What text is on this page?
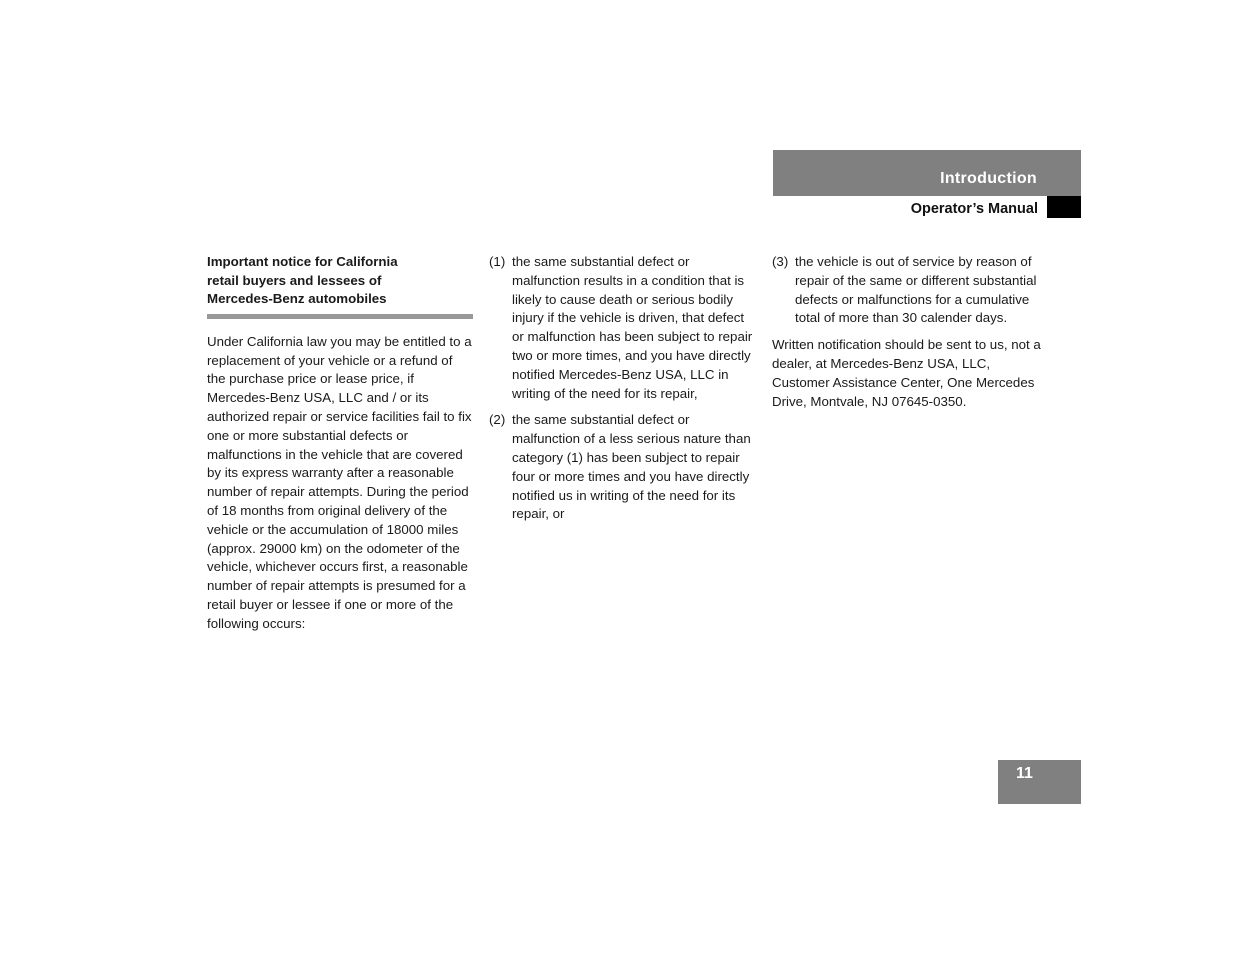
Introduction
Operator’s Manual

Important notice for California
retail buyers and lessees of
Mercedes-Benz automobiles

Under California law you may be entitled to a replacement of your vehicle or a refund of the purchase price or lease price, if Mercedes-Benz USA, LLC and / or its authorized repair or service facilities fail to fix one or more substantial defects or malfunctions in the vehicle that are covered by its express warranty after a reasonable number of repair attempts. During the period of 18 months from original delivery of the vehicle or the accumulation of 18000 miles (approx. 29000 km) on the odometer of the vehicle, whichever occurs first, a reasonable number of repair attempts is presumed for a retail buyer or lessee if one or more of the following occurs:

(1) the same substantial defect or malfunction results in a condition that is likely to cause death or serious bodily injury if the vehicle is driven, that defect or malfunction has been subject to repair two or more times, and you have directly notified Mercedes-Benz USA, LLC in writing of the need for its repair,
(2) the same substantial defect or malfunction of a less serious nature than category (1) has been subject to repair four or more times and you have directly notified us in writing of the need for its repair, or
(3) the vehicle is out of service by reason of repair of the same or different substantial defects or malfunctions for a cumulative total of more than 30 calender days.

Written notification should be sent to us, not a dealer, at Mercedes-Benz USA, LLC, Customer Assistance Center, One Mercedes Drive, Montvale, NJ 07645-0350.

11
